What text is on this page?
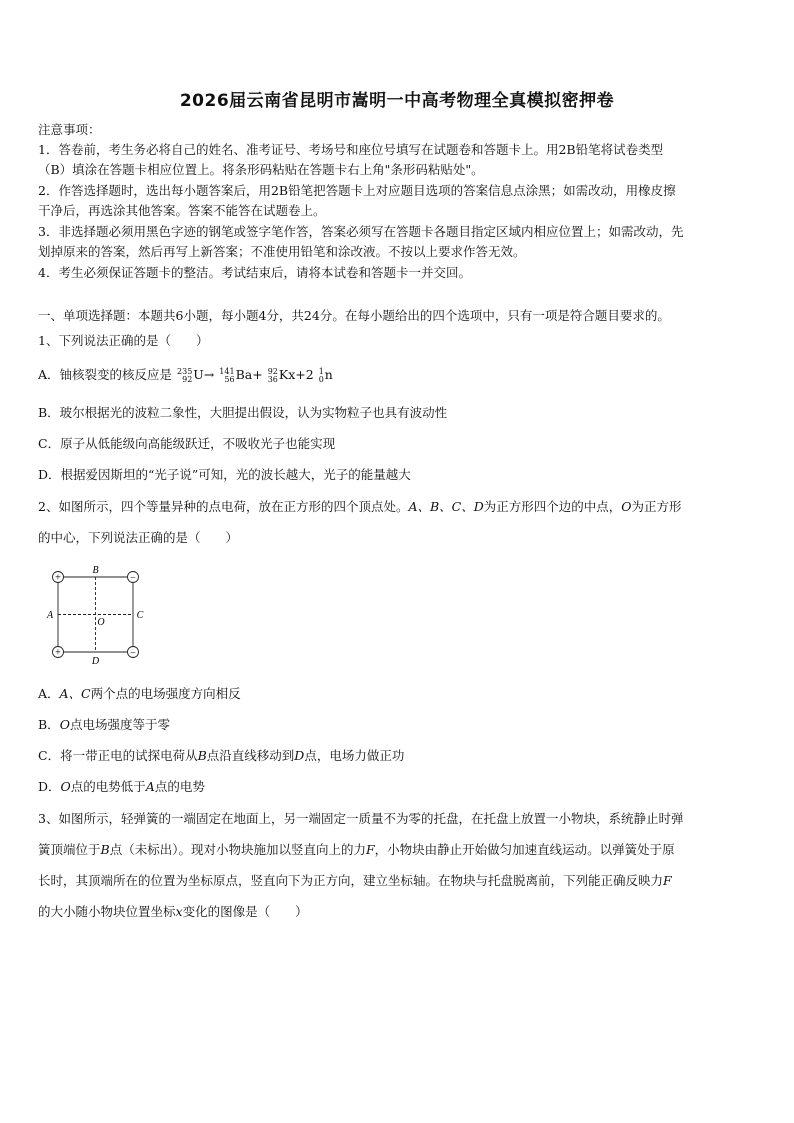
2026届云南省昆明市嵩明一中高考物理全真模拟密押卷
注意事项：
1．答卷前，考生务必将自己的姓名、准考证号、考场号和座位号填写在试题卷和答题卡上。用2B铅笔将试卷类型
（B）填涂在答题卡相应位置上。将条形码粘贴在答题卡右上角"条形码粘贴处"。
2．作答选择题时，选出每小题答案后，用2B铅笔把答题卡上对应题目选项的答案信息点涂黑；如需改动，用橡皮擦
干净后，再选涂其他答案。答案不能答在试题卷上。
3．非选择题必须用黑色字迹的钢笔或签字笔作答，答案必须写在答题卡各题目指定区域内相应位置上；如需改动，先
划掉原来的答案，然后再写上新答案；不准使用铅笔和涂改液。不按以上要求作答无效。
4．考生必须保证答题卡的整洁。考试结束后，请将本试卷和答题卡一并交回。
一、单项选择题：本题共6小题，每小题4分，共24分。在每小题给出的四个选项中，只有一项是符合题目要求的。
1、下列说法正确的是（　　）
A．铀核裂变的核反应是 235
92 U→ 141
56 Ba+ 92
36 Kx+2 1
0 n
B．玻尔根据光的波粒二象性，大胆提出假设，认为实物粒子也具有波动性
C．原子从低能级向高能级跃迁，不吸收光子也能实现
D．根据爱因斯坦的“光子说”可知，光的波长越大，光子的能量越大
2、如图所示，四个等量异种的点电荷，放在正方形的四个顶点处。A、B、C、D为正方形四个边的中点，O为正方形
的中心，下列说法正确的是（　　）
+	−
+	−
B
D
A	C
O
A．A、C两个点的电场强度方向相反
B．O点电场强度等于零
C．将一带正电的试探电荷从B点沿直线移动到D点，电场力做正功
D．O点的电势低于A点的电势
3、如图所示，轻弹簧的一端固定在地面上，另一端固定一质量不为零的托盘，在托盘上放置一小物块，系统静止时弹
簧顶端位于B点（未标出）。现对小物块施加以竖直向上的力F，小物块由静止开始做匀加速直线运动。以弹簧处于原
长时，其顶端所在的位置为坐标原点，竖直向下为正方向，建立坐标轴。在物块与托盘脱离前，下列能正确反映力F
的大小随小物块位置坐标x变化的图像是（　　）
